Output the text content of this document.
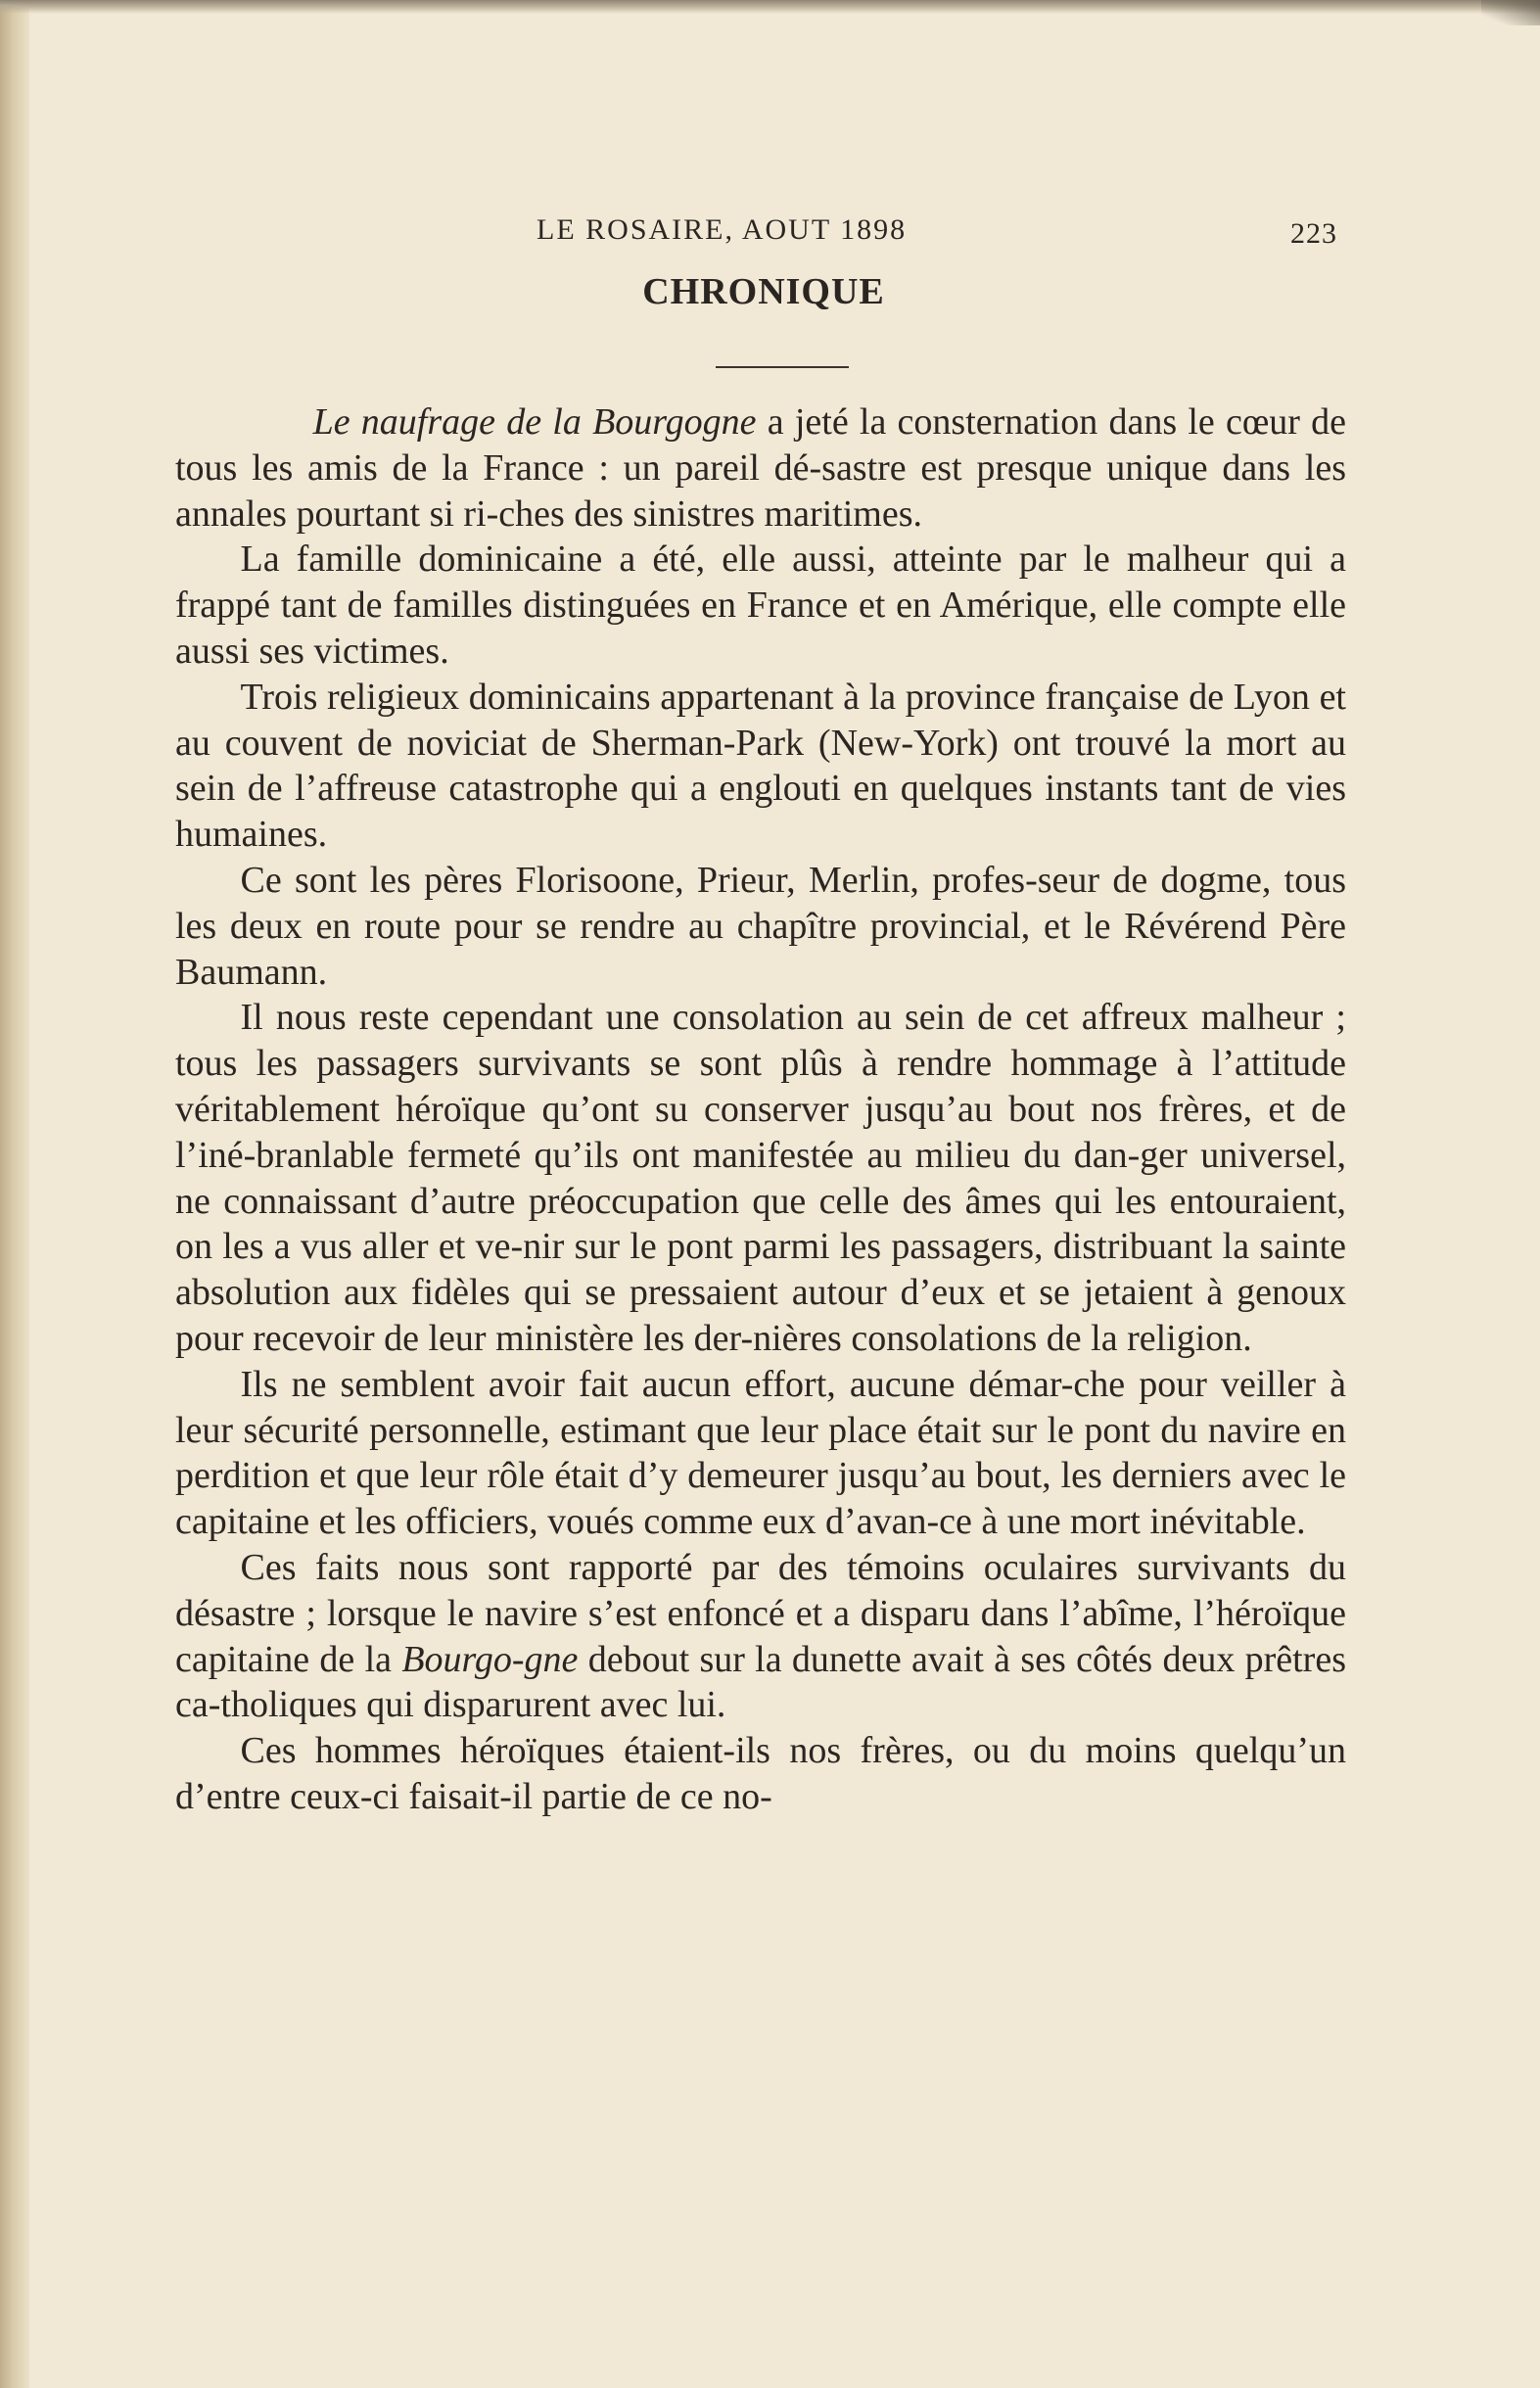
LE ROSAIRE, AOUT 1898	223
CHRONIQUE

Le naufrage de la Bourgogne a jeté la consternation dans le cœur de tous les amis de la France : un pareil dé-sastre est presque unique dans les annales pourtant si ri-ches des sinistres maritimes.

La famille dominicaine a été, elle aussi, atteinte par le malheur qui a frappé tant de familles distinguées en France et en Amérique, elle compte elle aussi ses victimes.

Trois religieux dominicains appartenant à la province française de Lyon et au couvent de noviciat de Sherman-Park (New-York) ont trouvé la mort au sein de l’affreuse catastrophe qui a englouti en quelques instants tant de vies humaines.

Ce sont les pères Florisoone, Prieur, Merlin, profes-seur de dogme, tous les deux en route pour se rendre au chapître provincial, et le Révérend Père Baumann.

Il nous reste cependant une consolation au sein de cet affreux malheur ; tous les passagers survivants se sont plûs à rendre hommage à l’attitude véritablement héroïque qu’ont su conserver jusqu’au bout nos frères, et de l’iné-branlable fermeté qu’ils ont manifestée au milieu du dan-ger universel, ne connaissant d’autre préoccupation que celle des âmes qui les entouraient, on les a vus aller et ve-nir sur le pont parmi les passagers, distribuant la sainte absolution aux fidèles qui se pressaient autour d’eux et se jetaient à genoux pour recevoir de leur ministère les der-nières consolations de la religion.

Ils ne semblent avoir fait aucun effort, aucune démar-che pour veiller à leur sécurité personnelle, estimant que leur place était sur le pont du navire en perdition et que leur rôle était d’y demeurer jusqu’au bout, les derniers avec le capitaine et les officiers, voués comme eux d’avan-ce à une mort inévitable.

Ces faits nous sont rapporté par des témoins oculaires survivants du désastre ; lorsque le navire s’est enfoncé et a disparu dans l’abîme, l’héroïque capitaine de la Bourgo-gne debout sur la dunette avait à ses côtés deux prêtres ca-tholiques qui disparurent avec lui.

Ces hommes héroïques étaient-ils nos frères, ou du moins quelqu’un d’entre ceux-ci faisait-il partie de ce no-
